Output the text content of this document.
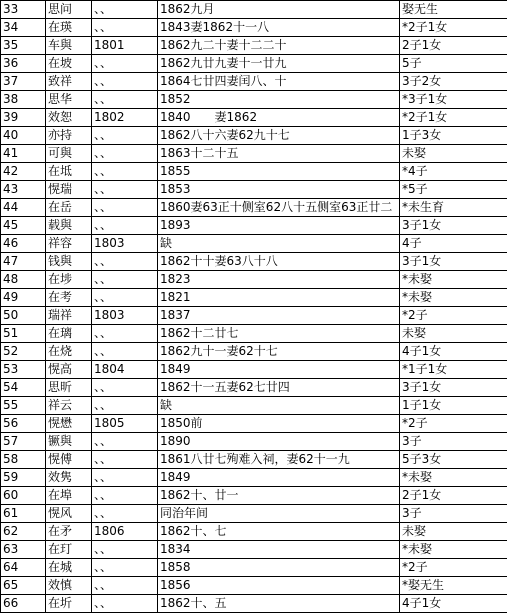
33	思问	、、	1862九月	娶无生
34	在瑛	、、	1843妻1862十一八	*2子1女
35	车與	1801	1862九二十妻十二二十	2子1女
36	在坡	、、	1862九廿九妻十一廿九	5子
37	致祥	、、	1864七廿四妻闰八、十	3子2女
38	思华	、、	1852	*3子1女
39	效恕	1802	1840　　妻1862	*2子1女
40	亦持	、、	1862八十六妻62九十七	1子3女
41	可與	、、	1863十二十五	未娶
42	在坻	、、	1855	*4子
43	愰瑞	、、	1853	*5子
44	在岳	、、	1860妻63正十侧室62八十五侧室63正廿二	*未生育
45	载與	、、	1893	3子1女
46	祥容	1803	缺	4子
47	钱與	、、	1862十十妻63八十八	3子1女
48	在埗	、、	1823	*未娶
49	在考	、、	1821	*未娶
50	瑞祥	1803	1837	*2子
51	在璃	、、	1862十二廿七	未娶
52	在烧	、、	1862九十一妻62十七	4子1女
53	愰高	1804	1849	*1子1女
54	思昕	、、	1862十一五妻62七廿四	3子1女
55	祥云	、、	缺	1子1女
56	愰懋	1805	1850前	*2子
57	镢與	、、	1890	3子
58	愰傅	、、	1861八廿七殉难入祠，妻62十一九	5子3女
59	效隽	、、	1849	*未娶
60	在埠	、、	1862十、廿一	2子1女
61	愰风	、、	同治年间	3子
62	在矛	1806	1862十、七	未娶
63	在玎	、、	1834	*未娶
64	在城	、、	1858	*2子
65	效慎	、、	1856	*娶无生
66	在圻	、、	1862十、五	4子1女
